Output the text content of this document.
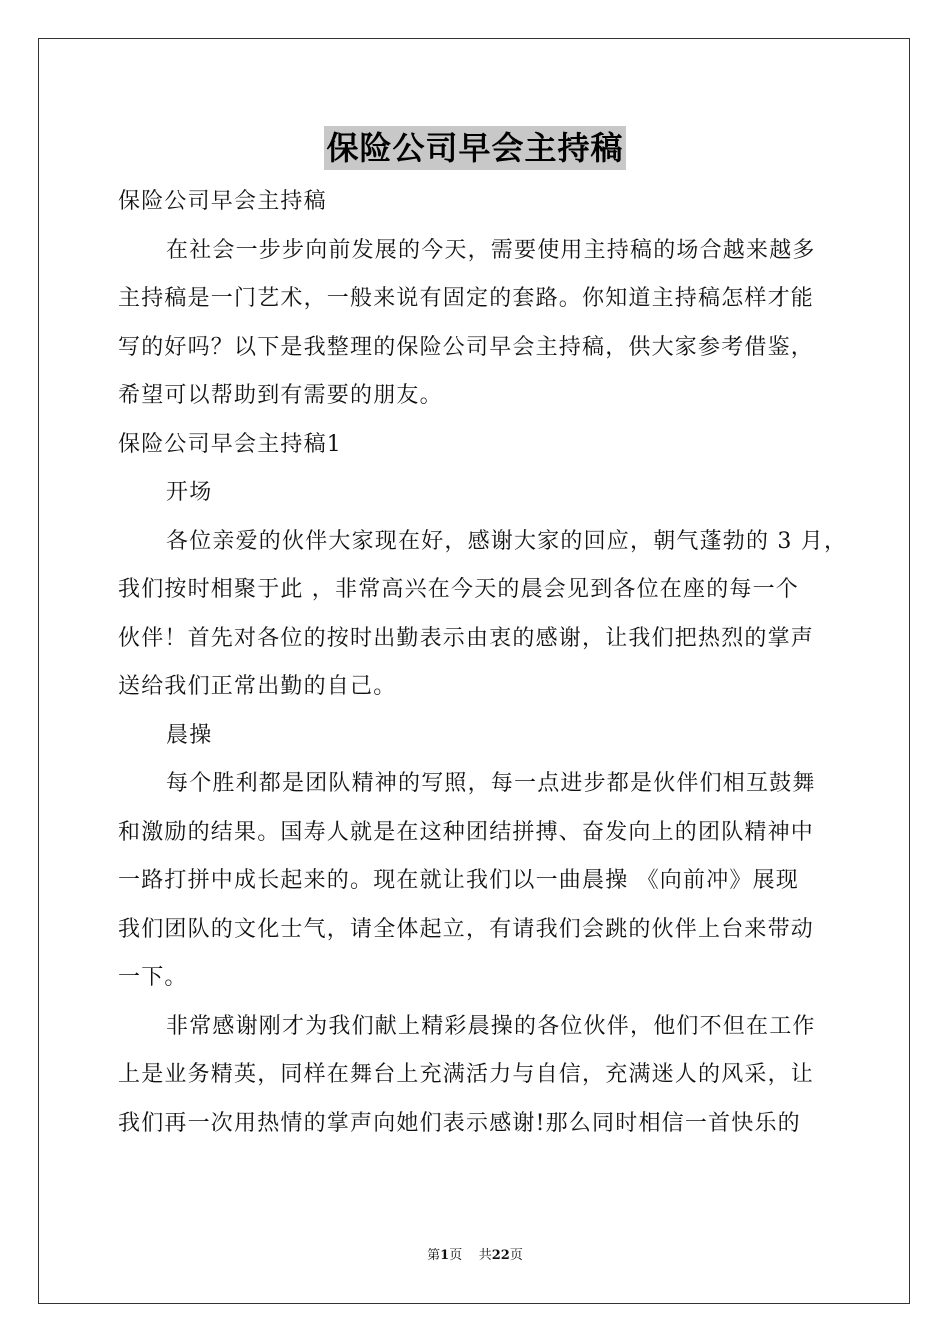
保险公司早会主持稿

保险公司早会主持稿

在社会一步步向前发展的今天，需要使用主持稿的场合越来越多

主持稿是一门艺术，一般来说有固定的套路。你知道主持稿怎样才能

写的好吗？以下是我整理的保险公司早会主持稿，供大家参考借鉴，

希望可以帮助到有需要的朋友。

保险公司早会主持稿1

开场

各位亲爱的伙伴大家现在好，感谢大家的回应，朝气蓬勃的 3 月，

我们按时相聚于此 ，非常高兴在今天的晨会见到各位在座的每一个

伙伴！首先对各位的按时出勤表示由衷的感谢，让我们把热烈的掌声

送给我们正常出勤的自己。

晨操

每个胜利都是团队精神的写照，每一点进步都是伙伴们相互鼓舞

和激励的结果。国寿人就是在这种团结拼搏、奋发向上的团队精神中

一路打拼中成长起来的。现在就让我们以一曲晨操 《向前冲》展现

我们团队的文化士气，请全体起立，有请我们会跳的伙伴上台来带动

一下。

非常感谢刚才为我们献上精彩晨操的各位伙伴，他们不但在工作

上是业务精英，同样在舞台上充满活力与自信，充满迷人的风采，让

我们再一次用热情的掌声向她们表示感谢!那么同时相信一首快乐的

第1页 共22页
